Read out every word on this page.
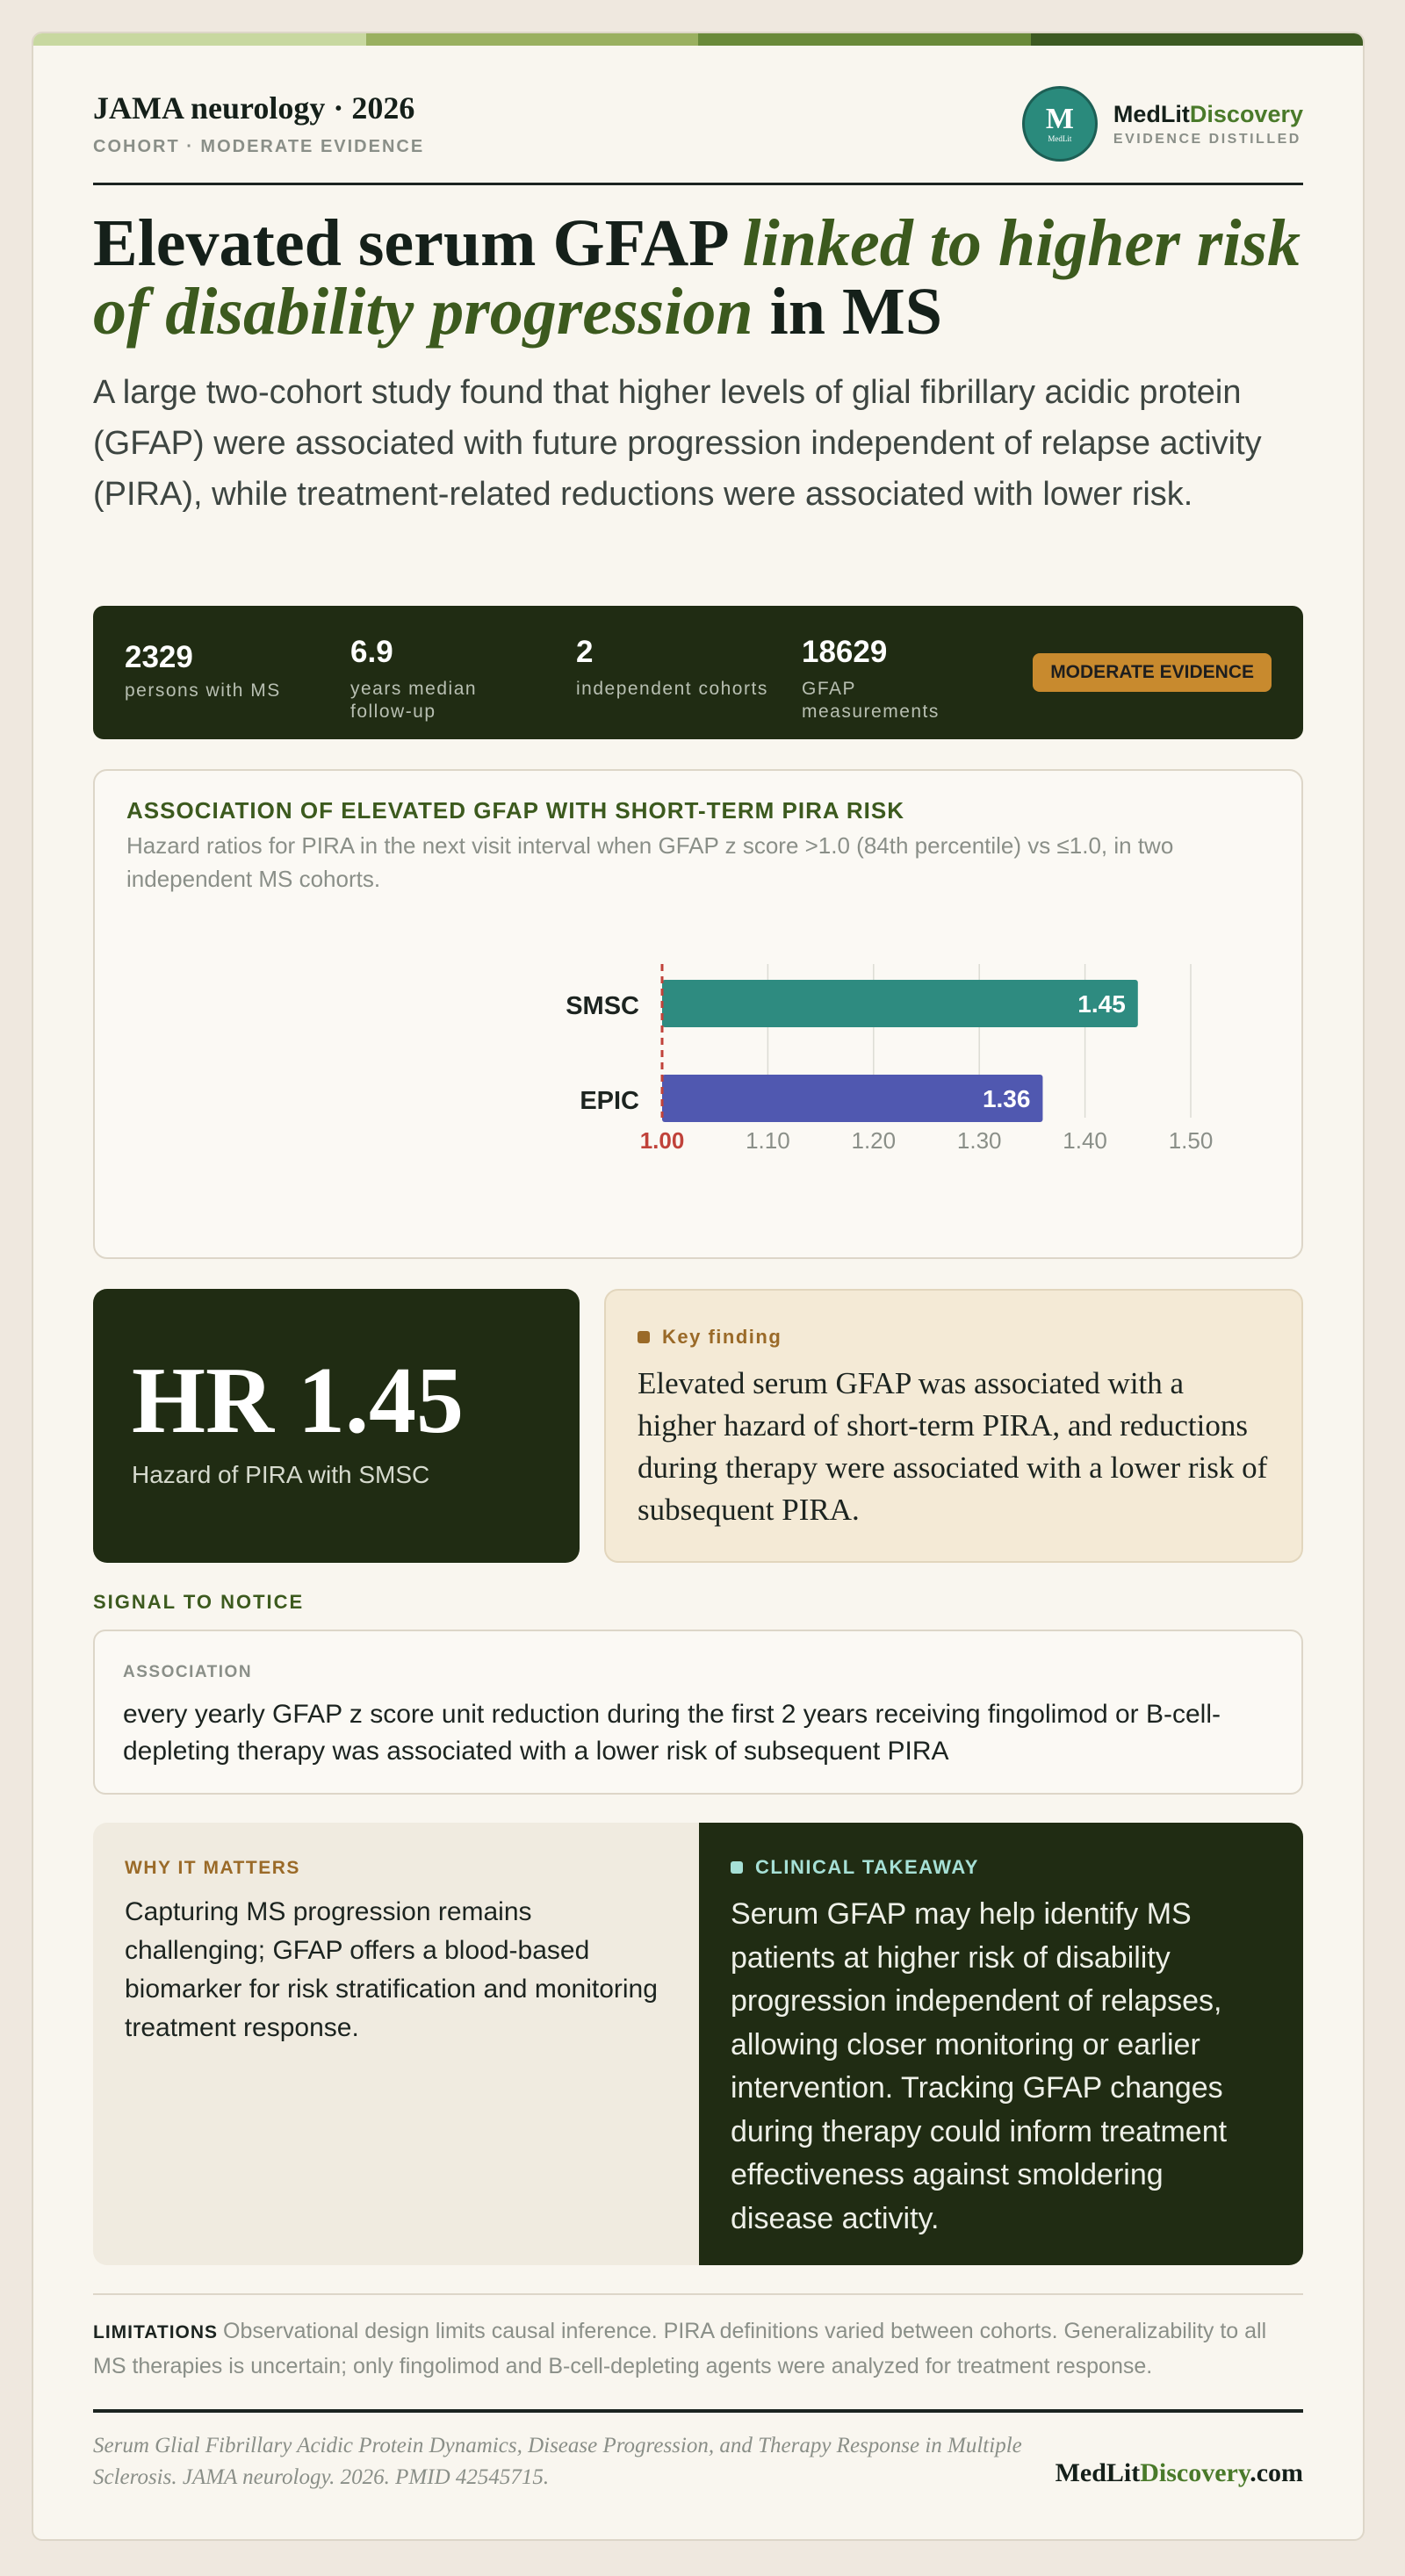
JAMA neurology · 2026
COHORT · MODERATE EVIDENCE
M
MedLit
MedLitDiscovery
EVIDENCE DISTILLED
Elevated serum GFAP linked to higher risk of disability progression in MS

A large two-cohort study found that higher levels of glial fibrillary acidic protein (GFAP) were associated with future progression independent of relapse activity (PIRA), while treatment-related reductions were associated with lower risk.

2329
persons with MS
6.9
years median follow-up
2
independent cohorts
18629
GFAP measurements
MODERATE EVIDENCE
ASSOCIATION OF ELEVATED GFAP WITH SHORT-TERM PIRA RISK
Hazard ratios for PIRA in the next visit interval when GFAP z score >1.0 (84th percentile) vs ≤1.0, in two independent MS cohorts.
SMSC	1.45
EPIC	1.36
1.00	1.10	1.20	1.30	1.40	1.50
HR 1.45
Hazard of PIRA with SMSC
Key finding
Elevated serum GFAP was associated with a higher hazard of short-term PIRA, and reductions during therapy were associated with a lower risk of subsequent PIRA.
SIGNAL TO NOTICE
ASSOCIATION
every yearly GFAP z score unit reduction during the first 2 years receiving fingolimod or B-cell-depleting therapy was associated with a lower risk of subsequent PIRA
WHY IT MATTERS
Capturing MS progression remains challenging; GFAP offers a blood-based biomarker for risk stratification and monitoring treatment response.
CLINICAL TAKEAWAY
Serum GFAP may help identify MS patients at higher risk of disability progression independent of relapses, allowing closer monitoring or earlier intervention. Tracking GFAP changes during therapy could inform treatment effectiveness against smoldering disease activity.
LIMITATIONS Observational design limits causal inference. PIRA definitions varied between cohorts. Generalizability to all MS therapies is uncertain; only fingolimod and B-cell-depleting agents were analyzed for treatment response.
Serum Glial Fibrillary Acidic Protein Dynamics, Disease Progression, and Therapy Response in Multiple Sclerosis. JAMA neurology. 2026. PMID 42545715.	MedLitDiscovery.com
